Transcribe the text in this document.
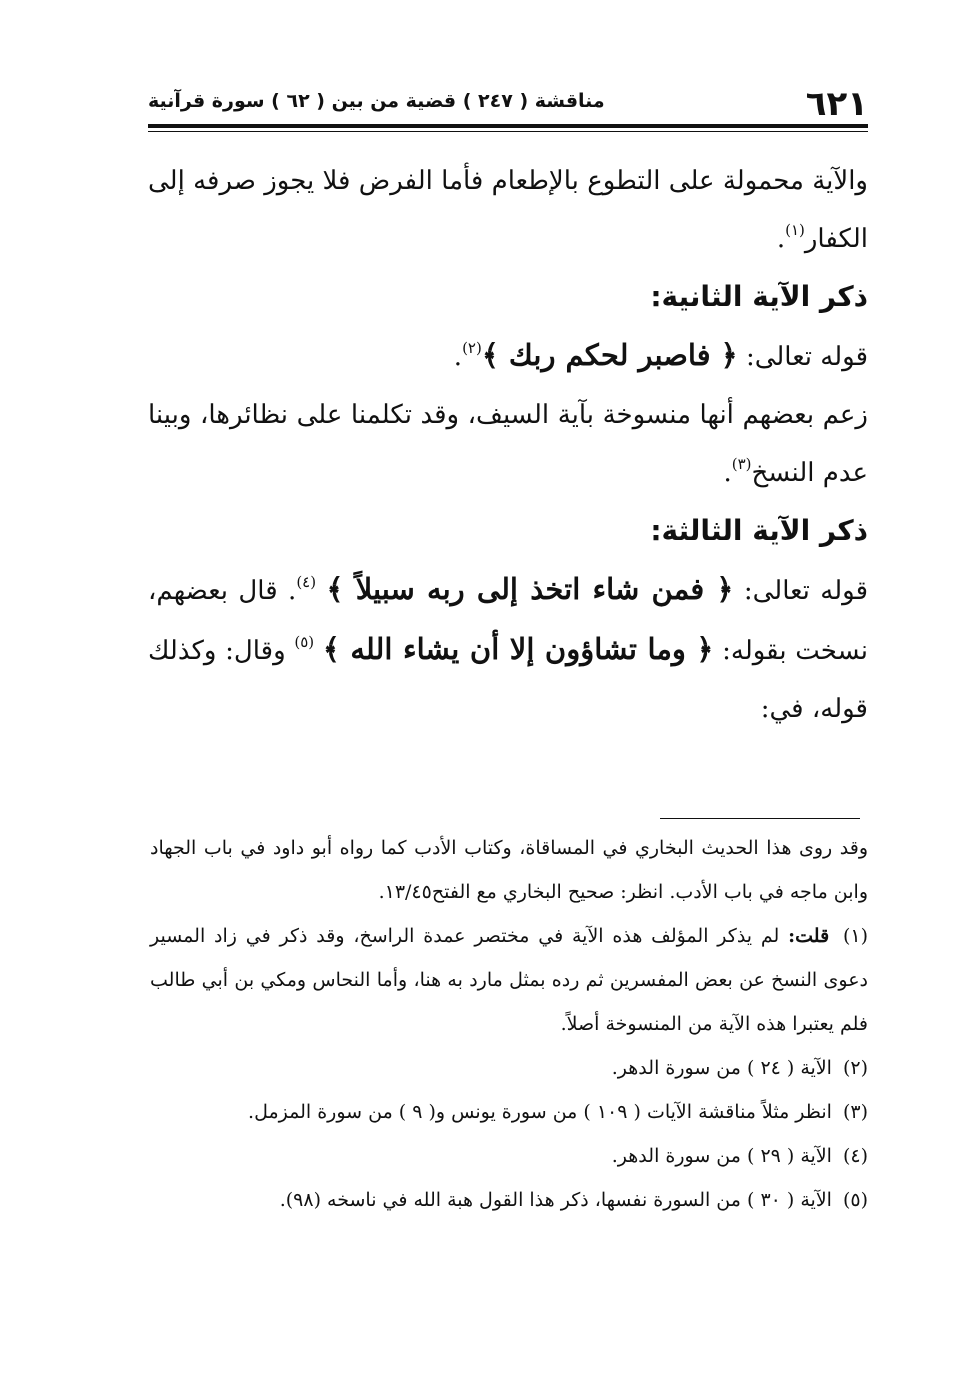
٦٢١
مناقشة ( ٢٤٧ ) قضية من بين ( ٦٢ ) سورة قرآنية

والآية محمولة على التطوع بالإطعام فأما الفرض فلا يجوز صرفه إلى الكفار$^{(١)}$.

ذكر الآية الثانية:

قوله تعالى: ﴿ فاصبر لحكم ربك ﴾$^{(٢)}$.

زعم بعضهم أنها منسوخة بآية السيف، وقد تكلمنا على نظائرها، وبينا عدم النسخ$^{(٣)}$.

ذكر الآية الثالثة:

قوله تعالى: ﴿ فمن شاء اتخذ إلى ربه سبيلاً ﴾ $^{(٤)}$. قال بعضهم، نسخت بقوله: ﴿ وما تشاؤون إلا أن يشاء الله ﴾ $^{(٥)}$ وقال: وكذلك قوله، في:

وقد روى هذا الحديث البخاري في المساقاة، وكتاب الأدب كما رواه أبو داود في باب الجهاد وابن ماجه في باب الأدب. انظر: صحيح البخاري مع الفتح١٣/٤٥.

(١) قلت: لم يذكر المؤلف هذه الآية في مختصر عمدة الراسخ، وقد ذكر في زاد المسير دعوى النسخ عن بعض المفسرين ثم رده بمثل مارد به هنا، وأما النحاس ومكي بن أبي طالب فلم يعتبرا هذه الآية من المنسوخة أصلاً.

(٢) الآية ( ٢٤ ) من سورة الدهر.

(٣) انظر مثلاً مناقشة الآيات ( ١٠٩ ) من سورة يونس و( ٩ ) من سورة المزمل.

(٤) الآية ( ٢٩ ) من سورة الدهر.

(٥) الآية ( ٣٠ ) من السورة نفسها، ذكر هذا القول هبة الله في ناسخه (٩٨).
